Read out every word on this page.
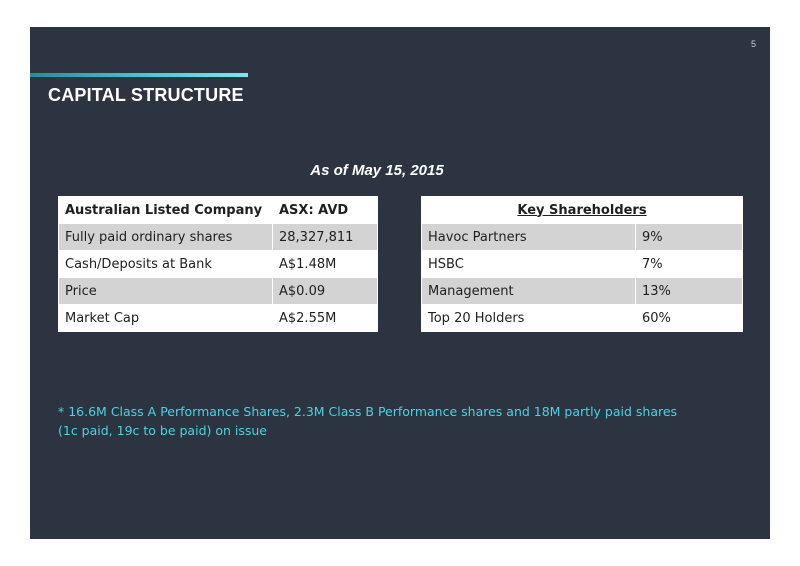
5
CAPITAL STRUCTURE
As of May 15, 2015
Australian Listed Company	ASX: AVD
Fully paid ordinary shares	28,327,811
Cash/Deposits at Bank	A$1.48M
Price	A$0.09
Market Cap	A$2.55M
Key Shareholders	
Havoc Partners	9%
HSBC	7%
Management	13%
Top 20 Holders	60%
* 16.6M Class A Performance Shares, 2.3M Class B Performance shares and 18M partly paid shares (1c paid, 19c to be paid) on issue
